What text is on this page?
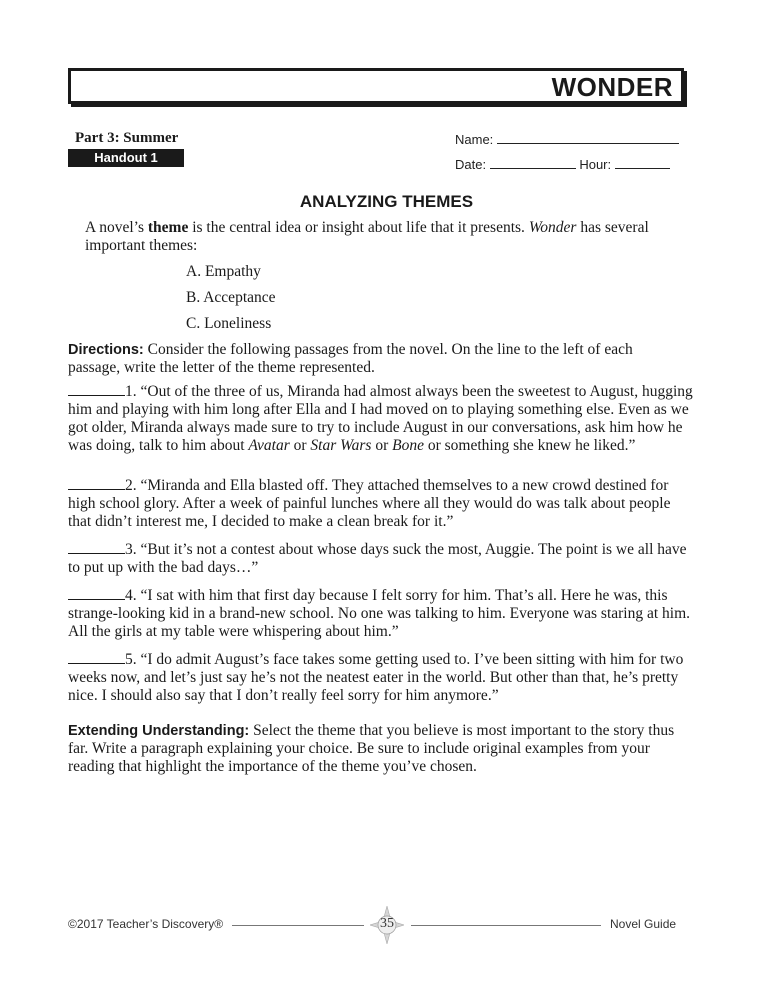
WONDER
Part 3: Summer
Handout 1
Name:
Date:	Hour:
ANALYZING THEMES
A novel’s theme is the central idea or insight about life that it presents. Wonder has several important themes:
A. Empathy
B. Acceptance
C. Loneliness
Directions: Consider the following passages from the novel. On the line to the left of each passage, write the letter of the theme represented.
1. “Out of the three of us, Miranda had almost always been the sweetest to August, hugging him and playing with him long after Ella and I had moved on to playing something else. Even as we got older, Miranda always made sure to try to include August in our conversations, ask him how he was doing, talk to him about Avatar or Star Wars or Bone or something she knew he liked.”
2. “Miranda and Ella blasted off. They attached themselves to a new crowd destined for high school glory. After a week of painful lunches where all they would do was talk about people that didn’t interest me, I decided to make a clean break for it.”
3. “But it’s not a contest about whose days suck the most, Auggie. The point is we all have to put up with the bad days…”
4. “I sat with him that first day because I felt sorry for him. That’s all. Here he was, this strange-looking kid in a brand-new school. No one was talking to him. Everyone was staring at him. All the girls at my table were whispering about him.”
5. “I do admit August’s face takes some getting used to. I’ve been sitting with him for two weeks now, and let’s just say he’s not the neatest eater in the world. But other than that, he’s pretty nice. I should also say that I don’t really feel sorry for him anymore.”
Extending Understanding: Select the theme that you believe is most important to the story thus far. Write a paragraph explaining your choice. Be sure to include original examples from your reading that highlight the importance of the theme you’ve chosen.
©2017 Teacher’s Discovery®	35	Novel Guide
